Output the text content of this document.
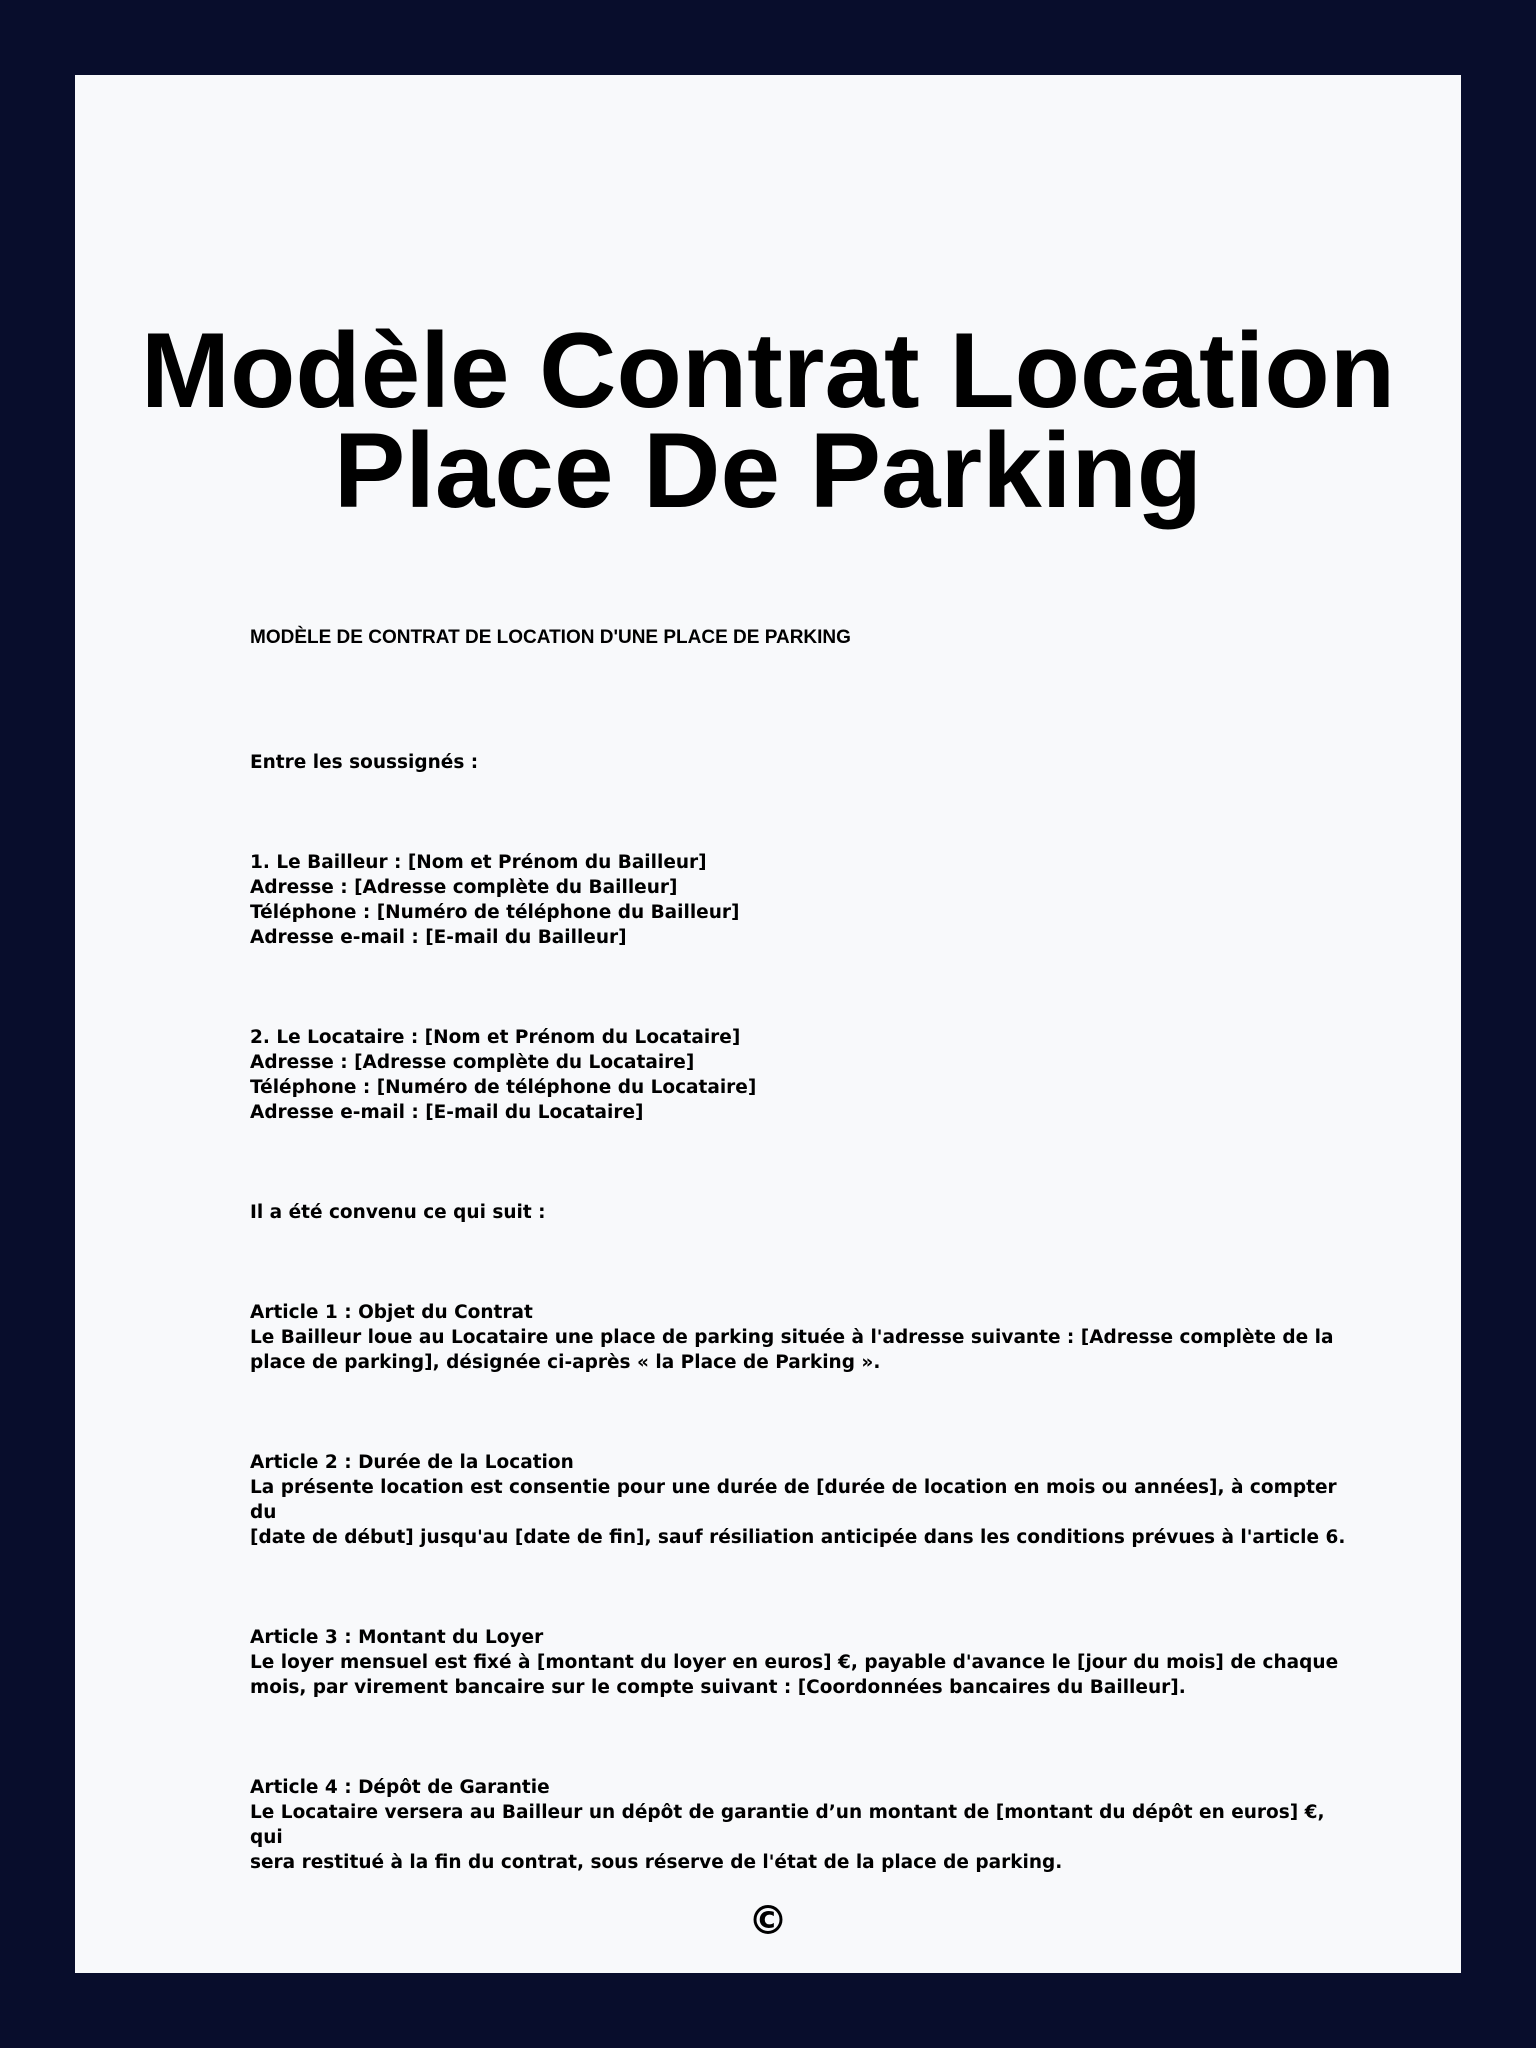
Modèle Contrat Location
Place De Parking

MODÈLE DE CONTRAT DE LOCATION D'UNE PLACE DE PARKING

Entre les soussignés :

1. Le Bailleur : [Nom et Prénom du Bailleur]
Adresse : [Adresse complète du Bailleur]
Téléphone : [Numéro de téléphone du Bailleur]
Adresse e-mail : [E-mail du Bailleur]

2. Le Locataire : [Nom et Prénom du Locataire]
Adresse : [Adresse complète du Locataire]
Téléphone : [Numéro de téléphone du Locataire]
Adresse e-mail : [E-mail du Locataire]

Il a été convenu ce qui suit :

Article 1 : Objet du Contrat
Le Bailleur loue au Locataire une place de parking située à l'adresse suivante : [Adresse complète de la
place de parking], désignée ci-après « la Place de Parking ».

Article 2 : Durée de la Location
La présente location est consentie pour une durée de [durée de location en mois ou années], à compter du
[date de début] jusqu'au [date de fin], sauf résiliation anticipée dans les conditions prévues à l'article 6.

Article 3 : Montant du Loyer
Le loyer mensuel est fixé à [montant du loyer en euros] €, payable d'avance le [jour du mois] de chaque
mois, par virement bancaire sur le compte suivant : [Coordonnées bancaires du Bailleur].

Article 4 : Dépôt de Garantie
Le Locataire versera au Bailleur un dépôt de garantie d’un montant de [montant du dépôt en euros] €, qui
sera restitué à la fin du contrat, sous réserve de l'état de la place de parking.

©
